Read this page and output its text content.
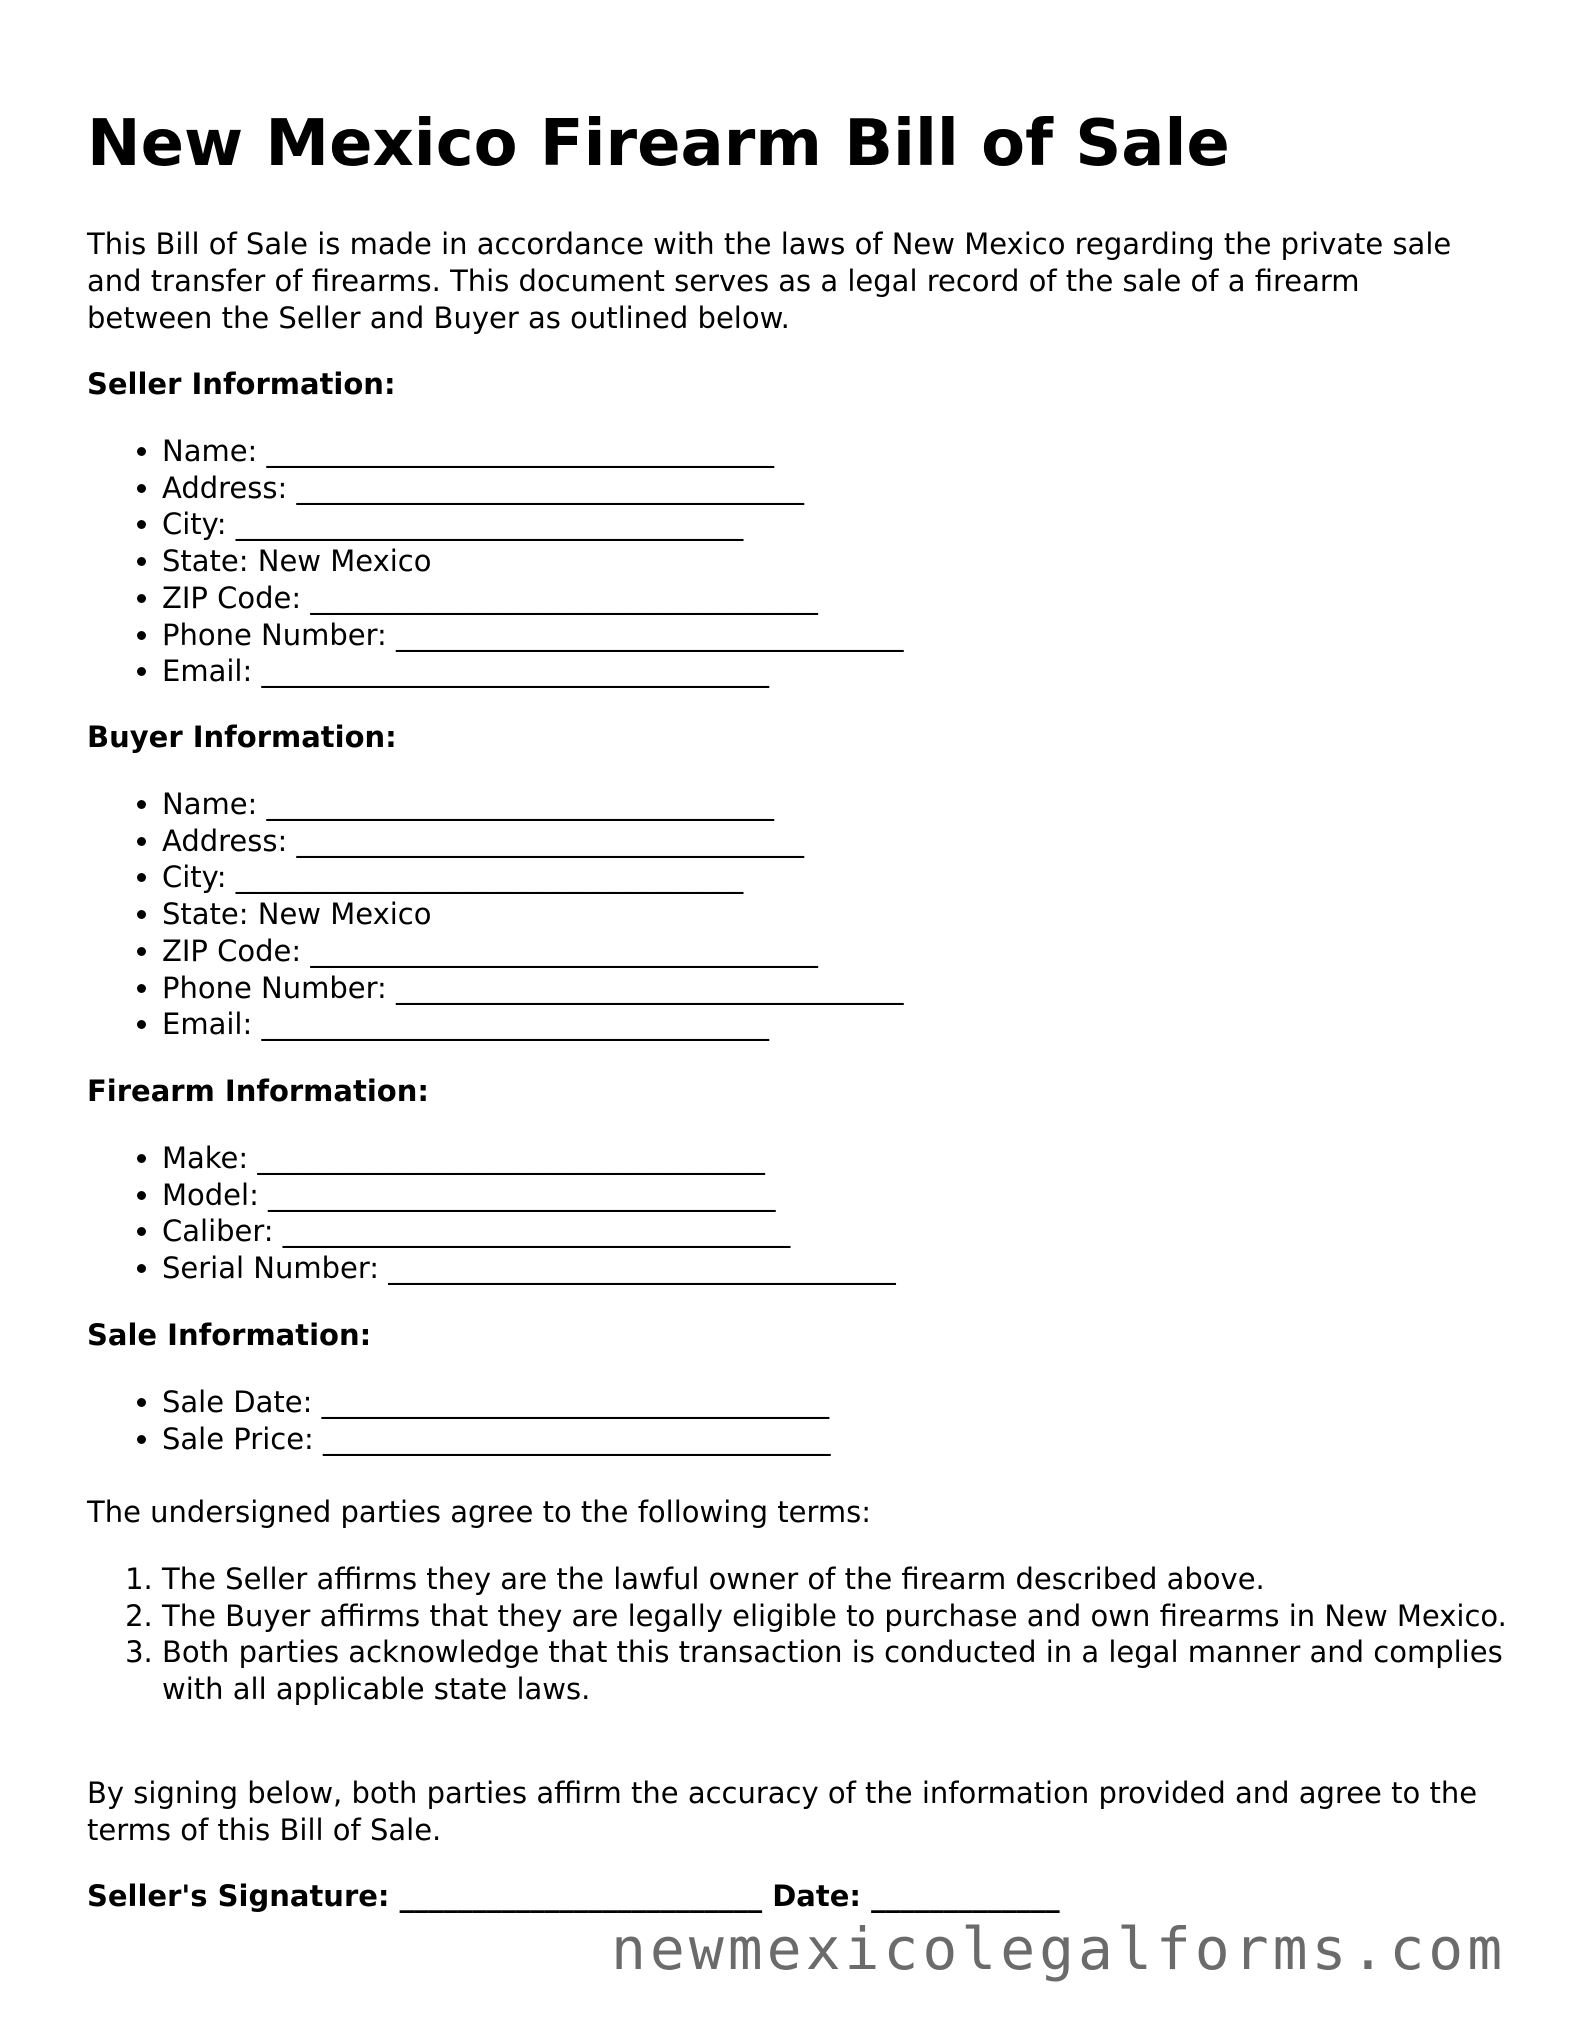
New Mexico Firearm Bill of Sale

This Bill of Sale is made in accordance with the laws of New Mexico regarding the private sale and transfer of firearms. This document serves as a legal record of the sale of a firearm between the Seller and Buyer as outlined below.

Seller Information:

• Name: ___________________________________
• Address: ___________________________________
• City: ___________________________________
• State: New Mexico
• ZIP Code: ___________________________________
• Phone Number: ___________________________________
• Email: ___________________________________

Buyer Information:

• Name: ___________________________________
• Address: ___________________________________
• City: ___________________________________
• State: New Mexico
• ZIP Code: ___________________________________
• Phone Number: ___________________________________
• Email: ___________________________________

Firearm Information:

• Make: ___________________________________
• Model: ___________________________________
• Caliber: ___________________________________
• Serial Number: ___________________________________

Sale Information:

• Sale Date: ___________________________________
• Sale Price: ___________________________________

The undersigned parties agree to the following terms:

1. The Seller affirms they are the lawful owner of the firearm described above.
2. The Buyer affirms that they are legally eligible to purchase and own firearms in New Mexico.
3. Both parties acknowledge that this transaction is conducted in a legal manner and complies with all applicable state laws.

By signing below, both parties affirm the accuracy of the information provided and agree to the terms of this Bill of Sale.

Seller's Signature: _________________________ Date: _____________

newmexicolegalforms.com
